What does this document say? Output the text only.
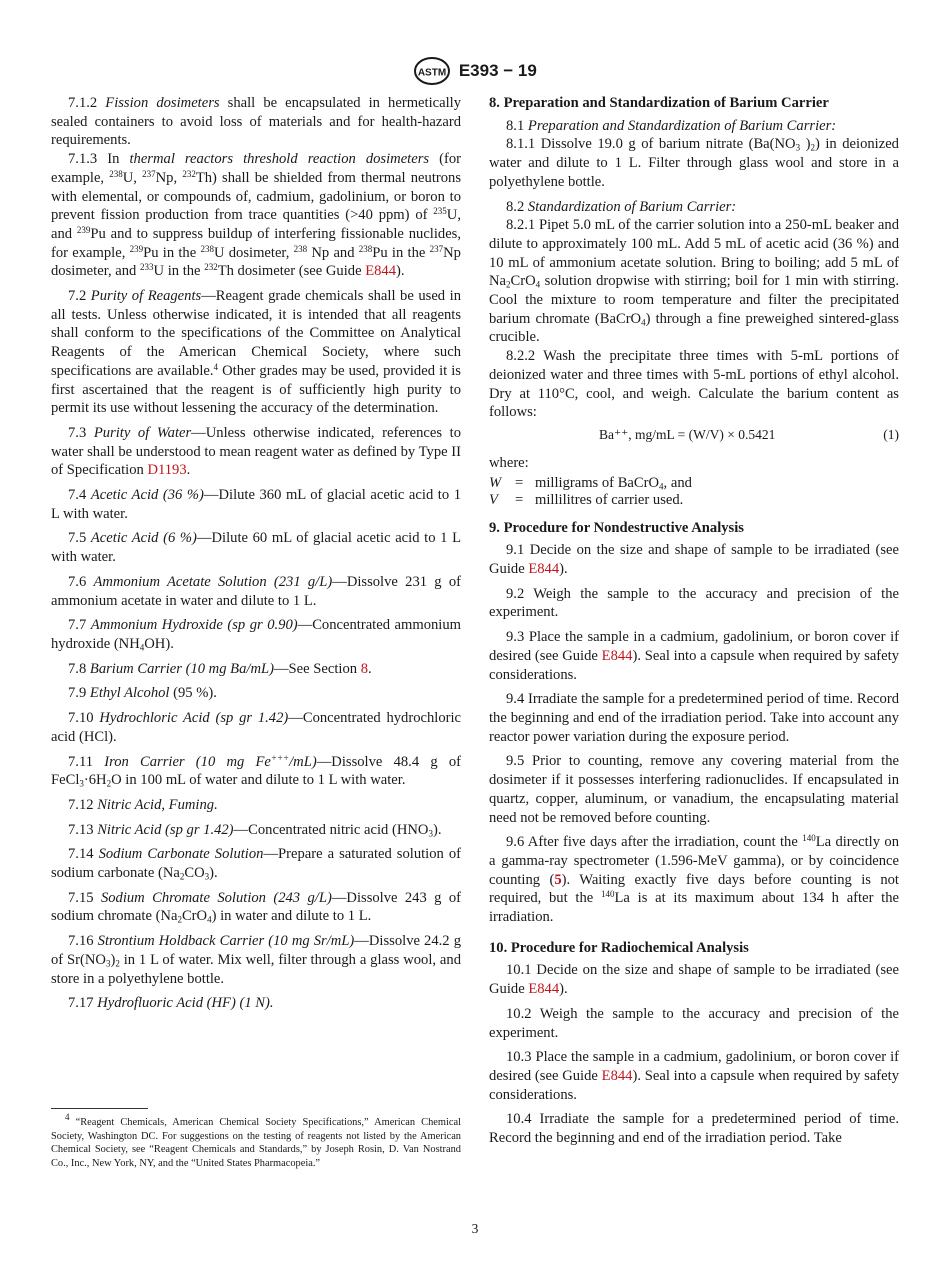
ASTM E393 − 19

7.1.2 Fission dosimeters shall be encapsulated in hermetically sealed containers to avoid loss of materials and for health-hazard requirements.

7.1.3 In thermal reactors threshold reaction dosimeters (for example, $^{238}$U, $^{237}$Np, $^{232}$Th) shall be shielded from thermal neutrons with elemental, or compounds of, cadmium, gadolinium, or boron to prevent fission production from trace quantities (>40 ppm) of $^{235}$U, and $^{239}$Pu and to suppress buildup of interfering fissionable nuclides, for example, $^{239}$Pu in the $^{238}$U dosimeter, $^{238}$ Np and $^{238}$Pu in the $^{237}$Np dosimeter, and $^{233}$U in the $^{232}$Th dosimeter (see Guide E844).

7.2 Purity of Reagents—Reagent grade chemicals shall be used in all tests. Unless otherwise indicated, it is intended that all reagents shall conform to the specifications of the Committee on Analytical Reagents of the American Chemical Society, where such specifications are available.$^4$ Other grades may be used, provided it is first ascertained that the reagent is of sufficiently high purity to permit its use without lessening the accuracy of the determination.

7.3 Purity of Water—Unless otherwise indicated, references to water shall be understood to mean reagent water as defined by Type II of Specification D1193.

7.4 Acetic Acid (36 %)—Dilute 360 mL of glacial acetic acid to 1 L with water.

7.5 Acetic Acid (6 %)—Dilute 60 mL of glacial acetic acid to 1 L with water.

7.6 Ammonium Acetate Solution (231 g/L)—Dissolve 231 g of ammonium acetate in water and dilute to 1 L.

7.7 Ammonium Hydroxide (sp gr 0.90)—Concentrated ammonium hydroxide $(NH_4OH)$.

7.8 Barium Carrier (10 mg Ba/mL)—See Section 8.

7.9 Ethyl Alcohol (95 %).

7.10 Hydrochloric Acid (sp gr 1.42)—Concentrated hydrochloric acid (HCl).

7.11 Iron Carrier (10 mg Fe+++/mL)—Dissolve 48.4 g of $FeCl_3\cdot 6H_2O$ in 100 mL of water and dilute to 1 L with water.

7.12 Nitric Acid, Fuming.

7.13 Nitric Acid (sp gr 1.42)—Concentrated nitric acid $(HNO_3)$.

7.14 Sodium Carbonate Solution—Prepare a saturated solution of sodium carbonate $(Na_2CO_3)$.

7.15 Sodium Chromate Solution (243 g/L)—Dissolve 243 g of sodium chromate $(Na_2CrO_4)$ in water and dilute to 1 L.

7.16 Strontium Holdback Carrier (10 mg Sr/mL)—Dissolve 24.2 g of $Sr(NO_3)_2$ in 1 L of water. Mix well, filter through a glass wool, and store in a polyethylene bottle.

7.17 Hydrofluoric Acid (HF) (1 N).

8. Preparation and Standardization of Barium Carrier

8.1 Preparation and Standardization of Barium Carrier:

8.1.1 Dissolve 19.0 g of barium nitrate ($Ba(NO_3$ )$_2$) in deionized water and dilute to 1 L. Filter through glass wool and store in a polyethylene bottle.

8.2 Standardization of Barium Carrier:

8.2.1 Pipet 5.0 mL of the carrier solution into a 250-mL beaker and dilute to approximately 100 mL. Add 5 mL of acetic acid (36 %) and 10 mL of ammonium acetate solution. Bring to boiling; add 5 mL of $Na_2CrO_4$ solution dropwise with stirring; boil for 1 min with stirring. Cool the mixture to room temperature and filter the precipitated barium chromate (BaCrO$_4$) through a fine preweighed sintered-glass crucible.

8.2.2 Wash the precipitate three times with 5-mL portions of deionized water and three times with 5-mL portions of ethyl alcohol. Dry at 110°C, cool, and weigh. Calculate the barium content as follows:

Ba⁺⁺, mg/mL = (W/V) × 0.5421	(1)
where:
W = milligrams of BaCrO$_4$, and
V	= millilitres of carrier used.
9. Procedure for Nondestructive Analysis

9.1 Decide on the size and shape of sample to be irradiated (see Guide E844).

9.2 Weigh the sample to the accuracy and precision of the experiment.

9.3 Place the sample in a cadmium, gadolinium, or boron cover if desired (see Guide E844). Seal into a capsule when required by safety considerations.

9.4 Irradiate the sample for a predetermined period of time. Record the beginning and end of the irradiation period. Take into account any reactor power variation during the exposure period.

9.5 Prior to counting, remove any covering material from the dosimeter if it possesses interfering radionuclides. If encapsulated in quartz, copper, aluminum, or vanadium, the encapsulating material need not be removed before counting.

9.6 After five days after the irradiation, count the $^{140}$La directly on a gamma-ray spectrometer (1.596-MeV gamma), or by coincidence counting (5). Waiting exactly five days before counting is not required, but the $^{140}$La is at its maximum about 134 h after the irradiation.

10. Procedure for Radiochemical Analysis

10.1 Decide on the size and shape of sample to be irradiated (see Guide E844).

10.2 Weigh the sample to the accuracy and precision of the experiment.

10.3 Place the sample in a cadmium, gadolinium, or boron cover if desired (see Guide E844). Seal into a capsule when required by safety considerations.

10.4 Irradiate the sample for a predetermined period of time. Record the beginning and end of the irradiation period. Take

$^4$ “Reagent Chemicals, American Chemical Society Specifications,” American Chemical Society, Washington DC. For suggestions on the testing of reagents not listed by the American Chemical Society, see “Reagent Chemicals and Standards,” by Joseph Rosin, D. Van Nostrand Co., Inc., New York, NY, and the “United States Pharmacopeia.”
3
